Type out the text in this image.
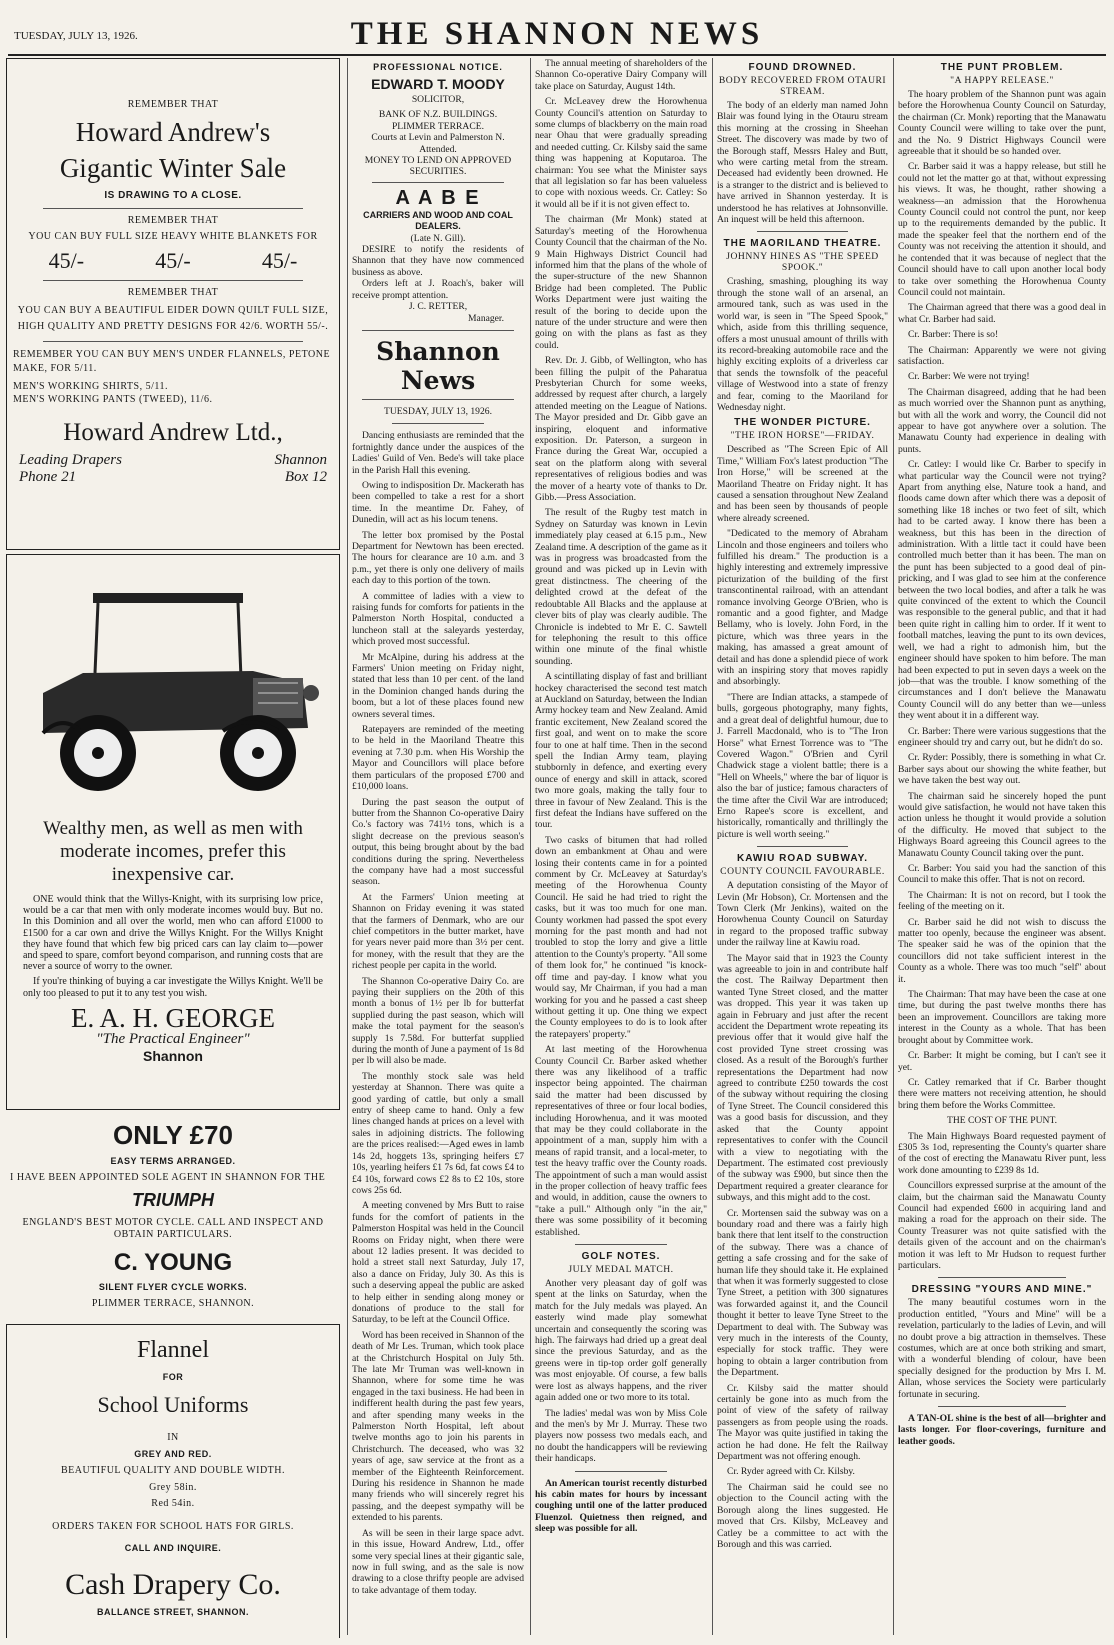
TUESDAY, JULY 13, 1926.	THE SHANNON NEWS

REMEMBER THAT

Howard Andrew's
Gigantic Winter Sale

IS DRAWING TO A CLOSE.

REMEMBER THAT

YOU CAN BUY FULL SIZE HEAVY WHITE BLANKETS FOR

45/-	45/-	45/-

REMEMBER THAT

YOU CAN BUY A BEAUTIFUL EIDER DOWN QUILT FULL SIZE, HIGH QUALITY AND PRETTY DESIGNS FOR 42/6. WORTH 55/-.

REMEMBER YOU CAN BUY MEN'S UNDER FLANNELS, PETONE MAKE, FOR 5/11.

MEN'S WORKING SHIRTS, 5/11.

MEN'S WORKING PANTS (TWEED), 11/6.

Howard Andrew Ltd.,
Leading Drapers	Shannon
Phone 21	Box 12
Wealthy men, as well as men with moderate incomes, prefer this inexpensive car.

ONE would think that the Willys-Knight, with its surprising low price, would be a car that men with only moderate incomes would buy. But no. In this Dominion and all over the world, men who can afford £1000 to £1500 for a car own and drive the Willys Knight. For the Willys Knight they have found that which few big priced cars can lay claim to—power and speed to spare, comfort beyond comparison, and running costs that are never a source of worry to the owner.

If you're thinking of buying a car investigate the Willys Knight. We'll be only too pleased to put it to any test you wish.

E. A. H. GEORGE
"The Practical Engineer"
Shannon
ONLY £70

EASY TERMS ARRANGED.

I HAVE BEEN APPOINTED SOLE AGENT IN SHANNON FOR THE

TRIUMPH

ENGLAND'S BEST MOTOR CYCLE. CALL AND INSPECT AND OBTAIN PARTICULARS.

C. YOUNG

SILENT FLYER CYCLE WORKS.

PLIMMER TERRACE, SHANNON.

Flannel

FOR

School Uniforms

IN

GREY AND RED.

BEAUTIFUL QUALITY AND DOUBLE WIDTH.

Grey 58in.

Red 54in.

ORDERS TAKEN FOR SCHOOL HATS FOR GIRLS.

CALL AND INQUIRE.

Cash Drapery Co.

BALLANCE STREET, SHANNON.

PROFESSIONAL NOTICE.
EDWARD T. MOODY

SOLICITOR,

BANK OF N.Z. BUILDINGS.

PLIMMER TERRACE.

Courts at Levin and Palmerston N. Attended.

MONEY TO LEND ON APPROVED SECURITIES.

A A B E

CARRIERS AND WOOD AND COAL DEALERS.

(Late N. Gill).

DESIRE to notify the residents of Shannon that they have now commenced business as above.

Orders left at J. Roach's, baker will receive prompt attention.

J. C. RETTER,

Manager.

Shannon News

TUESDAY, JULY 13, 1926.

Dancing enthusiasts are reminded that the fortnightly dance under the auspices of the Ladies' Guild of Ven. Bede's will take place in the Parish Hall this evening.

Owing to indisposition Dr. Mackerath has been compelled to take a rest for a short time. In the meantime Dr. Fahey, of Dunedin, will act as his locum tenens.

The letter box promised by the Postal Department for Newtown has been erected. The hours for clearance are 10 a.m. and 3 p.m., yet there is only one delivery of mails each day to this portion of the town.

A committee of ladies with a view to raising funds for comforts for patients in the Palmerston North Hospital, conducted a luncheon stall at the saleyards yesterday, which proved most successful.

Mr McAlpine, during his address at the Farmers' Union meeting on Friday night, stated that less than 10 per cent. of the land in the Dominion changed hands during the boom, but a lot of these places found new owners several times.

Ratepayers are reminded of the meeting to be held in the Maoriland Theatre this evening at 7.30 p.m. when His Worship the Mayor and Councillors will place before them particulars of the proposed £700 and £10,000 loans.

During the past season the output of butter from the Shannon Co-operative Dairy Co.'s factory was 741½ tons, which is a slight decrease on the previous season's output, this being brought about by the bad conditions during the spring. Nevertheless the company have had a most successful season.

At the Farmers' Union meeting at Shannon on Friday evening it was stated that the farmers of Denmark, who are our chief competitors in the butter market, have for years never paid more than 3½ per cent. for money, with the result that they are the richest people per capita in the world.

The Shannon Co-operative Dairy Co. are paying their suppliers on the 20th of this month a bonus of 1½ per lb for butterfat supplied during the past season, which will make the total payment for the season's supply 1s 7.58d. For butterfat supplied during the month of June a payment of 1s 8d per lb will also be made.

The monthly stock sale was held yesterday at Shannon. There was quite a good yarding of cattle, but only a small entry of sheep came to hand. Only a few lines changed hands at prices on a level with sales in adjoining districts. The following are the prices realised:—Aged ewes in lamb 14s 2d, hoggets 13s, springing heifers £7 10s, yearling heifers £1 7s 6d, fat cows £4 to £4 10s, forward cows £2 8s to £2 10s, store cows 25s 6d.

A meeting convened by Mrs Butt to raise funds for the comfort of patients in the Palmerston Hospital was held in the Council Rooms on Friday night, when there were about 12 ladies present. It was decided to hold a street stall next Saturday, July 17, also a dance on Friday, July 30. As this is such a deserving appeal the public are asked to help either in sending along money or donations of produce to the stall for Saturday, to be left at the Council Office.

Word has been received in Shannon of the death of Mr Les. Truman, which took place at the Christchurch Hospital on July 5th. The late Mr Truman was well-known in Shannon, where for some time he was engaged in the taxi business. He had been in indifferent health during the past few years, and after spending many weeks in the Palmerston North Hospital, left about twelve months ago to join his parents in Christchurch. The deceased, who was 32 years of age, saw service at the front as a member of the Eighteenth Reinforcement. During his residence in Shannon he made many friends who will sincerely regret his passing, and the deepest sympathy will be extended to his parents.

As will be seen in their large space advt. in this issue, Howard Andrew, Ltd., offer some very special lines at their gigantic sale, now in full swing, and as the sale is now drawing to a close thrifty people are advised to take advantage of them today.

The annual meeting of shareholders of the Shannon Co-operative Dairy Company will take place on Saturday, August 14th.

Cr. McLeavey drew the Horowhenua County Council's attention on Saturday to some clumps of blackberry on the main road near Ohau that were gradually spreading and needed cutting. Cr. Kilsby said the same thing was happening at Koputaroa. The chairman: You see what the Minister says that all legislation so far has been valueless to cope with noxious weeds. Cr. Catley: So it would all be if it is not given effect to.

The chairman (Mr Monk) stated at Saturday's meeting of the Horowhenua County Council that the chairman of the No. 9 Main Highways District Council had informed him that the plans of the whole of the super-structure of the new Shannon Bridge had been completed. The Public Works Department were just waiting the result of the boring to decide upon the nature of the under structure and were then going on with the plans as fast as they could.

Rev. Dr. J. Gibb, of Wellington, who has been filling the pulpit of the Paharatua Presbyterian Church for some weeks, addressed by request after church, a largely attended meeting on the League of Nations. The Mayor presided and Dr. Gibb gave an inspiring, eloquent and informative exposition. Dr. Paterson, a surgeon in France during the Great War, occupied a seat on the platform along with several representatives of religious bodies and was the mover of a hearty vote of thanks to Dr. Gibb.—Press Association.

The result of the Rugby test match in Sydney on Saturday was known in Levin immediately play ceased at 6.15 p.m., New Zealand time. A description of the game as it was in progress was broadcasted from the ground and was picked up in Levin with great distinctness. The cheering of the delighted crowd at the defeat of the redoubtable All Blacks and the applause at clever bits of play was clearly audible. The Chronicle is indebted to Mr E. C. Sawtell for telephoning the result to this office within one minute of the final whistle sounding.

A scintillating display of fast and brilliant hockey characterised the second test match at Auckland on Saturday, between the Indian Army hockey team and New Zealand. Amid frantic excitement, New Zealand scored the first goal, and went on to make the score four to one at half time. Then in the second spell the Indian Army team, playing stubbornly in defence, and exerting every ounce of energy and skill in attack, scored two more goals, making the tally four to three in favour of New Zealand. This is the first defeat the Indians have suffered on the tour.

Two casks of bitumen that had rolled down an embankment at Ohau and were losing their contents came in for a pointed comment by Cr. McLeavey at Saturday's meeting of the Horowhenua County Council. He said he had tried to right the casks, but it was too much for one man. County workmen had passed the spot every morning for the past month and had not troubled to stop the lorry and give a little attention to the County's property. "All some of them look for," he continued "is knock-off time and pay-day. I know what you would say, Mr Chairman, if you had a man working for you and he passed a cast sheep without getting it up. One thing we expect the County employees to do is to look after the ratepayers' property."

At last meeting of the Horowhenua County Council Cr. Barber asked whether there was any likelihood of a traffic inspector being appointed. The chairman said the matter had been discussed by representatives of three or four local bodies, including Horowhenua, and it was mooted that may be they could collaborate in the appointment of a man, supply him with a means of rapid transit, and a local-meter, to test the heavy traffic over the County roads. The appointment of such a man would assist in the proper collection of heavy traffic fees and would, in addition, cause the owners to "take a pull." Although only "in the air," there was some possibility of it becoming established.

GOLF NOTES.
JULY MEDAL MATCH.

Another very pleasant day of golf was spent at the links on Saturday, when the match for the July medals was played. An easterly wind made play somewhat uncertain and consequently the scoring was high. The fairways had dried up a great deal since the previous Saturday, and as the greens were in tip-top order golf generally was most enjoyable. Of course, a few balls were lost as always happens, and the river again added one or two more to its total.

The ladies' medal was won by Miss Cole and the men's by Mr J. Murray. These two players now possess two medals each, and no doubt the handicappers will be reviewing their handicaps.

An American tourist recently disturbed his cabin mates for hours by incessant coughing until one of the latter produced Fluenzol. Quietness then reigned, and sleep was possible for all.

FOUND DROWNED.
BODY RECOVERED FROM OTAURI STREAM.

The body of an elderly man named John Blair was found lying in the Otauru stream this morning at the crossing in Sheehan Street. The discovery was made by two of the Borough staff, Messrs Haley and Butt, who were carting metal from the stream. Deceased had evidently been drowned. He is a stranger to the district and is believed to have arrived in Shannon yesterday. It is understood he has relatives at Johnsonville. An inquest will be held this afternoon.

THE MAORILAND THEATRE.
JOHNNY HINES AS "THE SPEED SPOOK."

Crashing, smashing, ploughing its way through the stone wall of an arsenal, an armoured tank, such as was used in the world war, is seen in "The Speed Spook," which, aside from this thrilling sequence, offers a most unusual amount of thrills with its record-breaking automobile race and the highly exciting exploits of a driverless car that sends the townsfolk of the peaceful village of Westwood into a state of frenzy and fear, coming to the Maoriland for Wednesday night.

THE WONDER PICTURE.
"THE IRON HORSE"—FRIDAY.

Described as "The Screen Epic of All Time," William Fox's latest production "The Iron Horse," will be screened at the Maoriland Theatre on Friday night. It has caused a sensation throughout New Zealand and has been seen by thousands of people where already screened.

"Dedicated to the memory of Abraham Lincoln and those engineers and toilers who fulfilled his dream." The production is a highly interesting and extremely impressive picturization of the building of the first transcontinental railroad, with an attendant romance involving George O'Brien, who is romantic and a good fighter, and Madge Bellamy, who is lovely. John Ford, in the picture, which was three years in the making, has amassed a great amount of detail and has done a splendid piece of work with an inspiring story that moves rapidly and absorbingly.

"There are Indian attacks, a stampede of bulls, gorgeous photography, many fights, and a great deal of delightful humour, due to J. Farrell Macdonald, who is to "The Iron Horse" what Ernest Torrence was to "The Covered Wagon." O'Brien and Cyril Chadwick stage a violent battle; there is a "Hell on Wheels," where the bar of liquor is also the bar of justice; famous characters of the time after the Civil War are introduced; Erno Rapee's score is excellent, and historically, romantically and thrillingly the picture is well worth seeing."

KAWIU ROAD SUBWAY.
COUNTY COUNCIL FAVOURABLE.

A deputation consisting of the Mayor of Levin (Mr Hobson), Cr. Mortensen and the Town Clerk (Mr Jenkins), waited on the Horowhenua County Council on Saturday in regard to the proposed traffic subway under the railway line at Kawiu road.

The Mayor said that in 1923 the County was agreeable to join in and contribute half the cost. The Railway Department then wanted Tyne Street closed, and the matter was dropped. This year it was taken up again in February and just after the recent accident the Department wrote repeating its previous offer that it would give half the cost provided Tyne street crossing was closed. As a result of the Borough's further representations the Department had now agreed to contribute £250 towards the cost of the subway without requiring the closing of Tyne Street. The Council considered this was a good basis for discussion, and they asked that the County appoint representatives to confer with the Council with a view to negotiating with the Department. The estimated cost previously of the subway was £900, but since then the Department required a greater clearance for subways, and this might add to the cost.

Cr. Mortensen said the subway was on a boundary road and there was a fairly high bank there that lent itself to the construction of the subway. There was a chance of getting a safe crossing and for the sake of human life they should take it. He explained that when it was formerly suggested to close Tyne Street, a petition with 300 signatures was forwarded against it, and the Council thought it better to leave Tyne Street to the Department to deal with. The Subway was very much in the interests of the County, especially for stock traffic. They were hoping to obtain a larger contribution from the Department.

Cr. Kilsby said the matter should certainly be gone into as much from the point of view of the safety of railway passengers as from people using the roads. The Mayor was quite justified in taking the action he had done. He felt the Railway Department was not offering enough.

Cr. Ryder agreed with Cr. Kilsby.

The Chairman said he could see no objection to the Council acting with the Borough along the lines suggested. He moved that Crs. Kilsby, McLeavey and Catley be a committee to act with the Borough and this was carried.

THE PUNT PROBLEM.
"A HAPPY RELEASE."

The hoary problem of the Shannon punt was again before the Horowhenua County Council on Saturday, the chairman (Cr. Monk) reporting that the Manawatu County Council were willing to take over the punt, and the No. 9 District Highways Council were agreeable that it should be so handed over.

Cr. Barber said it was a happy release, but still he could not let the matter go at that, without expressing his views. It was, he thought, rather showing a weakness—an admission that the Horowhenua County Council could not control the punt, nor keep up to the requirements demanded by the public. It made the speaker feel that the northern end of the County was not receiving the attention it should, and he contended that it was because of neglect that the Council should have to call upon another local body to take over something the Horowhenua County Council could not maintain.

The Chairman agreed that there was a good deal in what Cr. Barber had said.

Cr. Barber: There is so!

The Chairman: Apparently we were not giving satisfaction.

Cr. Barber: We were not trying!

The Chairman disagreed, adding that he had been as much worried over the Shannon punt as anything, but with all the work and worry, the Council did not appear to have got anywhere over a solution. The Manawatu County had experience in dealing with punts.

Cr. Catley: I would like Cr. Barber to specify in what particular way the Council were not trying? Apart from anything else, Nature took a hand, and floods came down after which there was a deposit of something like 18 inches or two feet of silt, which had to be carted away. I know there has been a weakness, but this has been in the direction of administration. With a little tact it could have been controlled much better than it has been. The man on the punt has been subjected to a good deal of pin-pricking, and I was glad to see him at the conference between the two local bodies, and after a talk he was quite convinced of the extent to which the Council was responsible to the general public, and that it had been quite right in calling him to order. If it went to football matches, leaving the punt to its own devices, well, we had a right to admonish him, but the engineer should have spoken to him before. The man had been expected to put in seven days a week on the job—that was the trouble. I know something of the circumstances and I don't believe the Manawatu County Council will do any better than we—unless they went about it in a different way.

Cr. Barber: There were various suggestions that the engineer should try and carry out, but he didn't do so.

Cr. Ryder: Possibly, there is something in what Cr. Barber says about our showing the white feather, but we have taken the best way out.

The chairman said he sincerely hoped the punt would give satisfaction, he would not have taken this action unless he thought it would provide a solution of the difficulty. He moved that subject to the Highways Board agreeing this Council agrees to the Manawatu County Council taking over the punt.

Cr. Barber: You said you had the sanction of this Council to make this offer. That is not on record.

The Chairman: It is not on record, but I took the feeling of the meeting on it.

Cr. Barber said he did not wish to discuss the matter too openly, because the engineer was absent. The speaker said he was of the opinion that the councillors did not take sufficient interest in the County as a whole. There was too much "self" about it.

The Chairman: That may have been the case at one time, but during the past twelve months there has been an improvement. Councillors are taking more interest in the County as a whole. That has been brought about by Committee work.

Cr. Barber: It might be coming, but I can't see it yet.

Cr. Catley remarked that if Cr. Barber thought there were matters not receiving attention, he should bring them before the Works Committee.

THE COST OF THE PUNT.

The Main Highways Board requested payment of £305 3s 1od, representing the County's quarter share of the cost of erecting the Manawatu River punt, less work done amounting to £239 8s 1d.

Councillors expressed surprise at the amount of the claim, but the chairman said the Manawatu County Council had expended £600 in acquiring land and making a road for the approach on their side. The County Treasurer was not quite satisfied with the details given of the account and on the chairman's motion it was left to Mr Hudson to request further particulars.

DRESSING "YOURS AND MINE."

The many beautiful costumes worn in the production entitled, "Yours and Mine" will be a revelation, particularly to the ladies of Levin, and will no doubt prove a big attraction in themselves. These costumes, which are at once both striking and smart, with a wonderful blending of colour, have been specially designed for the production by Mrs I. M. Allan, whose services the Society were particularly fortunate in securing.

A TAN-OL shine is the best of all—brighter and lasts longer. For floor-coverings, furniture and leather goods.
